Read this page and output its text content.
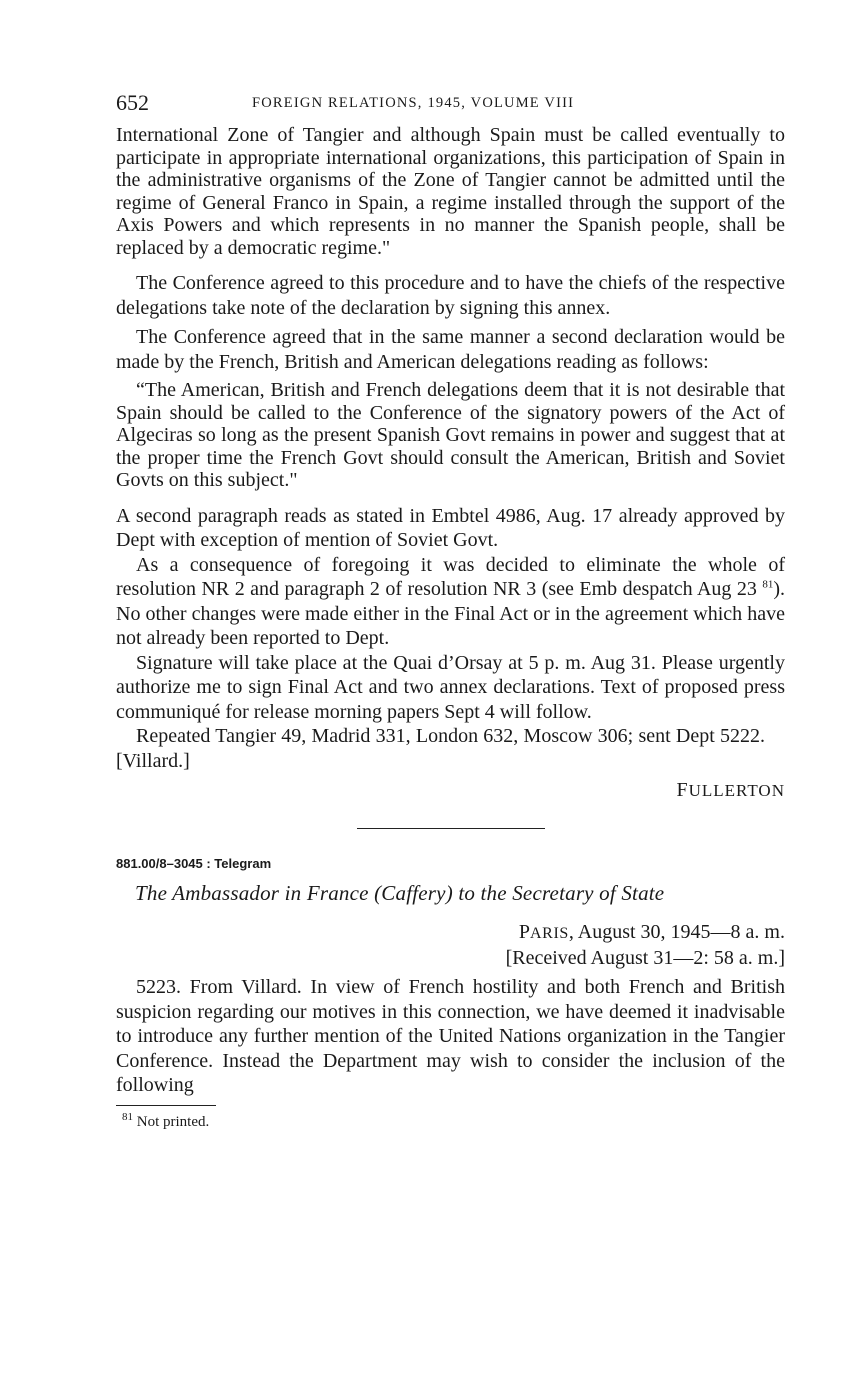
652	FOREIGN RELATIONS, 1945, VOLUME VIII

International Zone of Tangier and although Spain must be called eventually to participate in appropriate international organizations, this participation of Spain in the administrative organisms of the Zone of Tangier cannot be admitted until the regime of General Franco in Spain, a regime installed through the support of the Axis Powers and which represents in no manner the Spanish people, shall be replaced by a democratic regime."

The Conference agreed to this procedure and to have the chiefs of the respective delegations take note of the declaration by signing this annex.

The Conference agreed that in the same manner a second declaration would be made by the French, British and American delegations reading as follows:

“The American, British and French delegations deem that it is not desirable that Spain should be called to the Conference of the signatory powers of the Act of Algeciras so long as the present Spanish Govt remains in power and suggest that at the proper time the French Govt should consult the American, British and Soviet Govts on this subject."

A second paragraph reads as stated in Embtel 4986, Aug. 17 already approved by Dept with exception of mention of Soviet Govt.

As a consequence of foregoing it was decided to eliminate the whole of resolution NR 2 and paragraph 2 of resolution NR 3 (see Emb despatch Aug 23 $^{81}$). No other changes were made either in the Final Act or in the agreement which have not already been reported to Dept.

Signature will take place at the Quai d’Orsay at 5 p. m. Aug 31. Please urgently authorize me to sign Final Act and two annex declarations. Text of proposed press communiqué for release morning papers Sept 4 will follow.

Repeated Tangier 49, Madrid 331, London 632, Moscow 306; sent Dept 5222. [Villard.]

FULLERTON

881.00/8–3045 : Telegram

The Ambassador in France (Caffery) to the Secretary of State

PARIS, August 30, 1945—8 a. m.
[Received August 31—2: 58 a. m.]

5223. From Villard. In view of French hostility and both French and British suspicion regarding our motives in this connection, we have deemed it inadvisable to introduce any further mention of the United Nations organization in the Tangier Conference. Instead the Department may wish to consider the inclusion of the following

$^{81}$ Not printed.
